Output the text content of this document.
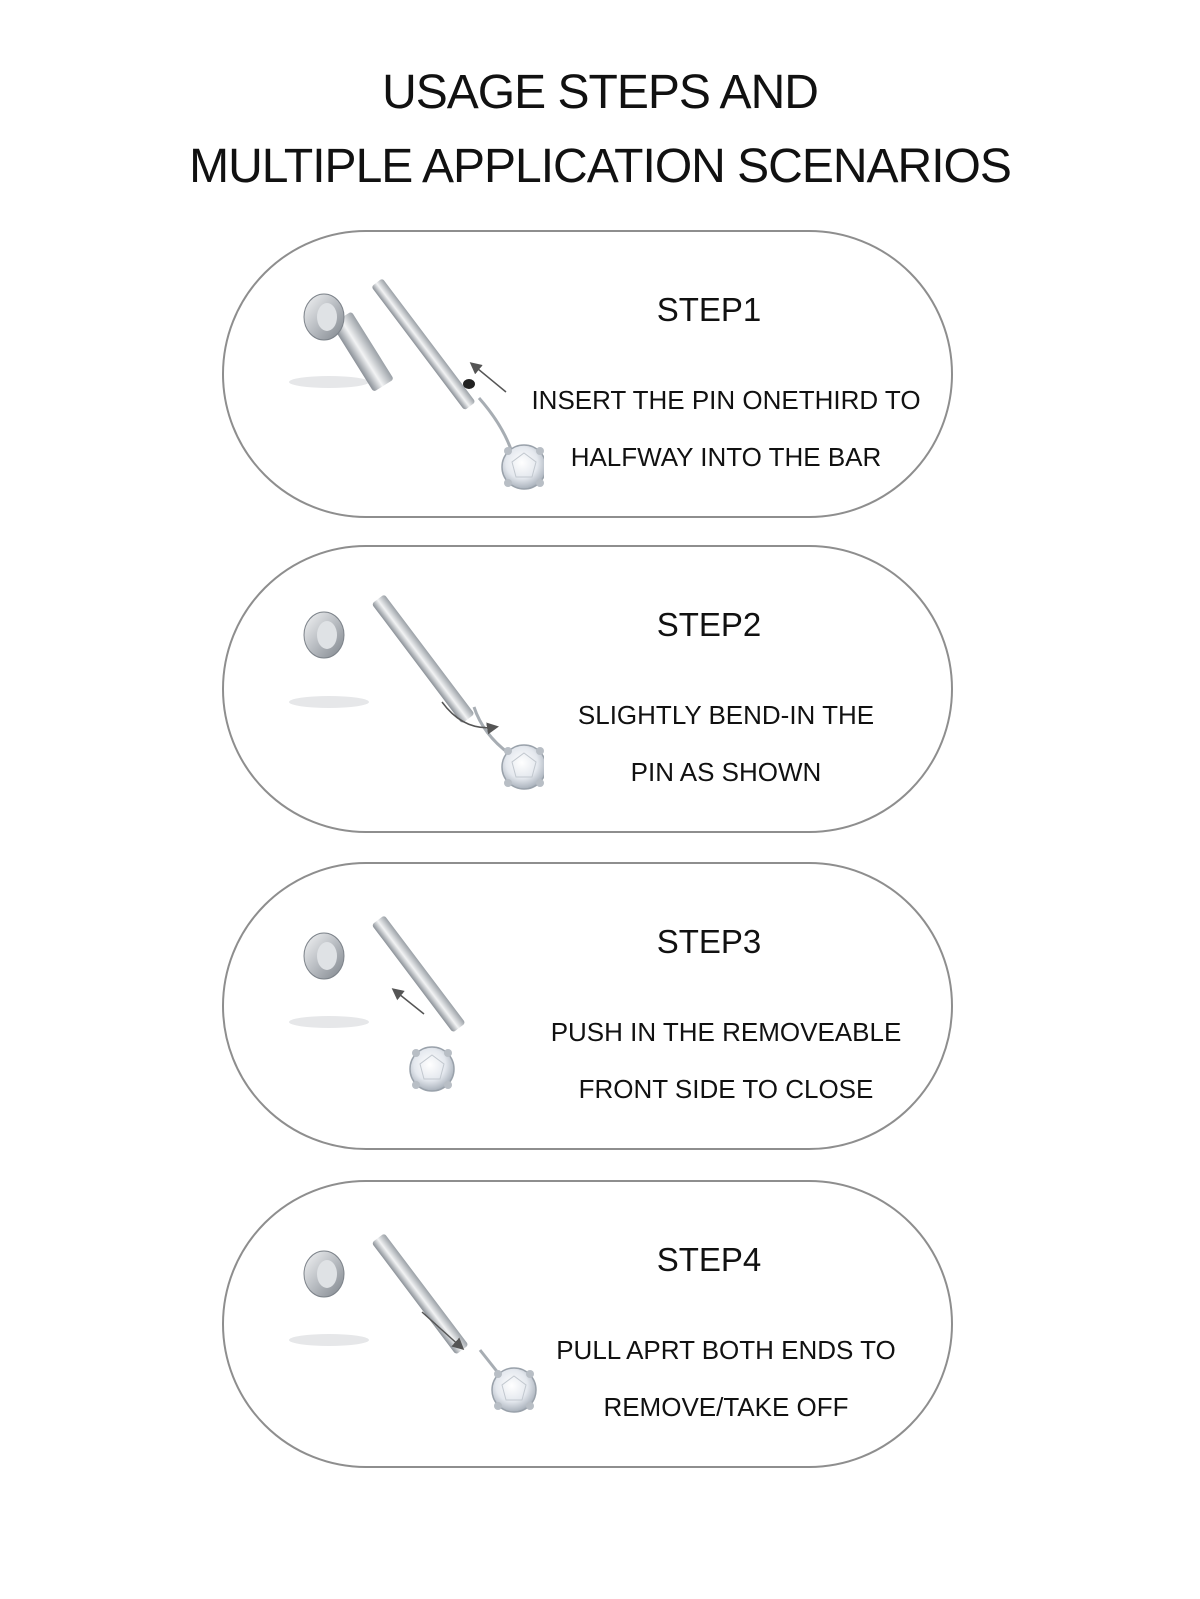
USAGE STEPS AND
MULTIPLE APPLICATION SCENARIOS
STEP1
INSERT THE PIN ONETHIRD TO
HALFWAY INTO THE BAR
STEP2
SLIGHTLY BEND-IN THE
PIN AS SHOWN
STEP3
PUSH IN THE REMOVEABLE
FRONT SIDE TO CLOSE
STEP4
PULL APRT BOTH ENDS TO
REMOVE/TAKE OFF
